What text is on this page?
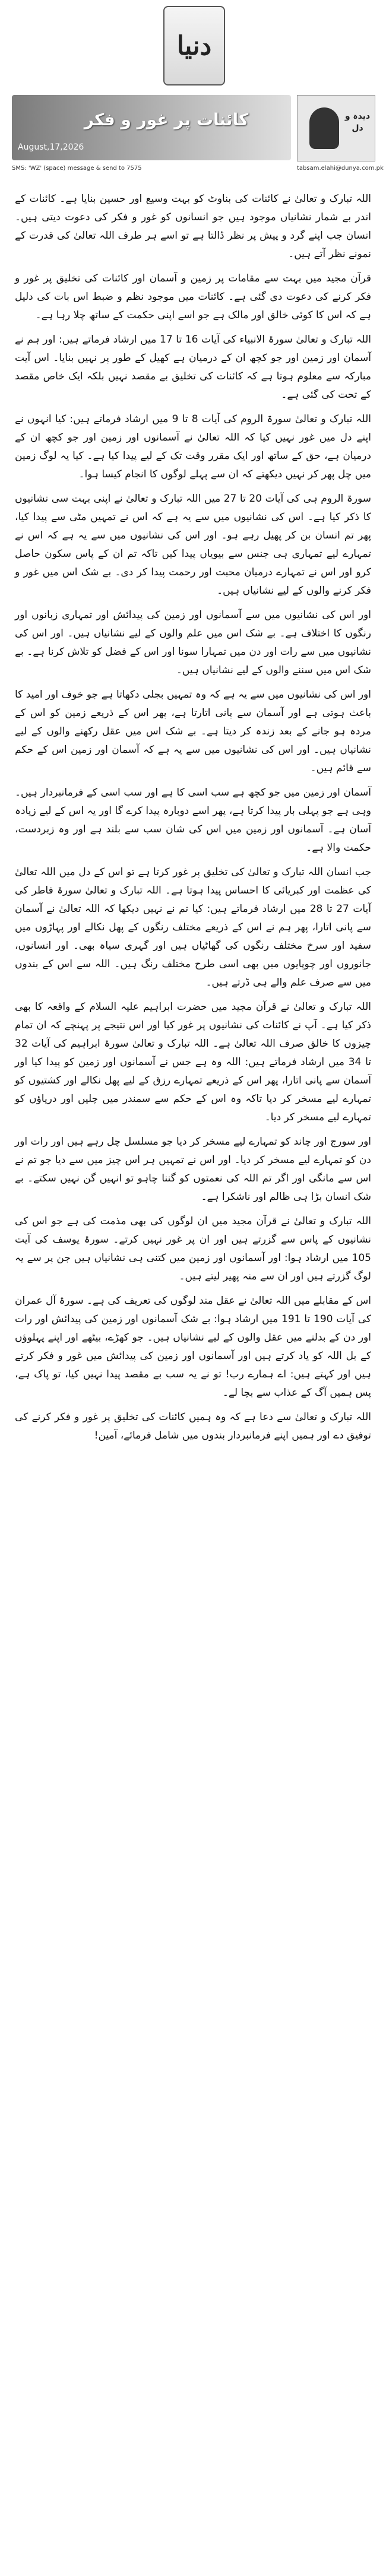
دنیا
کائنات پر غور و فکر
August,17,2026
دیدہ و دل
SMS: 'WZ' (space) message & send to 7575	tabsam.elahi@dunya.com.pk

اللہ تبارک و تعالیٰ نے کائنات کی بناوٹ کو بہت وسیع اور حسین بنایا ہے۔ کائنات کے اندر بے شمار نشانیاں موجود ہیں جو انسانوں کو غور و فکر کی دعوت دیتی ہیں۔ انسان جب اپنے گرد و پیش پر نظر ڈالتا ہے تو اسے ہر طرف اللہ تعالیٰ کی قدرت کے نمونے نظر آتے ہیں۔

قرآن مجید میں بہت سے مقامات پر زمین و آسمان اور کائنات کی تخلیق پر غور و فکر کرنے کی دعوت دی گئی ہے۔ کائنات میں موجود نظم و ضبط اس بات کی دلیل ہے کہ اس کا کوئی خالق اور مالک ہے جو اسے اپنی حکمت کے ساتھ چلا رہا ہے۔

اللہ تبارک و تعالیٰ سورۃ الانبیاء کی آیات 16 تا 17 میں ارشاد فرماتے ہیں: اور ہم نے آسمان اور زمین اور جو کچھ ان کے درمیان ہے کھیل کے طور پر نہیں بنایا۔ اس آیت مبارکہ سے معلوم ہوتا ہے کہ کائنات کی تخلیق بے مقصد نہیں بلکہ ایک خاص مقصد کے تحت کی گئی ہے۔

اللہ تبارک و تعالیٰ سورۃ الروم کی آیات 8 تا 9 میں ارشاد فرماتے ہیں: کیا انہوں نے اپنے دل میں غور نہیں کیا کہ اللہ تعالیٰ نے آسمانوں اور زمین اور جو کچھ ان کے درمیان ہے، حق کے ساتھ اور ایک مقرر وقت تک کے لیے پیدا کیا ہے۔ کیا یہ لوگ زمین میں چل پھر کر نہیں دیکھتے کہ ان سے پہلے لوگوں کا انجام کیسا ہوا۔

سورۃ الروم ہی کی آیات 20 تا 27 میں اللہ تبارک و تعالیٰ نے اپنی بہت سی نشانیوں کا ذکر کیا ہے۔ اس کی نشانیوں میں سے یہ ہے کہ اس نے تمہیں مٹی سے پیدا کیا، پھر تم انسان بن کر پھیل رہے ہو۔ اور اس کی نشانیوں میں سے یہ ہے کہ اس نے تمہارے لیے تمہاری ہی جنس سے بیویاں پیدا کیں تاکہ تم ان کے پاس سکون حاصل کرو اور اس نے تمہارے درمیان محبت اور رحمت پیدا کر دی۔ بے شک اس میں غور و فکر کرنے والوں کے لیے نشانیاں ہیں۔

اور اس کی نشانیوں میں سے آسمانوں اور زمین کی پیدائش اور تمہاری زبانوں اور رنگوں کا اختلاف ہے۔ بے شک اس میں علم والوں کے لیے نشانیاں ہیں۔ اور اس کی نشانیوں میں سے رات اور دن میں تمہارا سونا اور اس کے فضل کو تلاش کرنا ہے۔ بے شک اس میں سننے والوں کے لیے نشانیاں ہیں۔

اور اس کی نشانیوں میں سے یہ ہے کہ وہ تمہیں بجلی دکھاتا ہے جو خوف اور امید کا باعث ہوتی ہے اور آسمان سے پانی اتارتا ہے، پھر اس کے ذریعے زمین کو اس کے مردہ ہو جانے کے بعد زندہ کر دیتا ہے۔ بے شک اس میں عقل رکھنے والوں کے لیے نشانیاں ہیں۔ اور اس کی نشانیوں میں سے یہ ہے کہ آسمان اور زمین اس کے حکم سے قائم ہیں۔

آسمان اور زمین میں جو کچھ ہے سب اسی کا ہے اور سب اسی کے فرمانبردار ہیں۔ وہی ہے جو پہلی بار پیدا کرتا ہے، پھر اسے دوبارہ پیدا کرے گا اور یہ اس کے لیے زیادہ آسان ہے۔ آسمانوں اور زمین میں اس کی شان سب سے بلند ہے اور وہ زبردست، حکمت والا ہے۔

جب انسان اللہ تبارک و تعالیٰ کی تخلیق پر غور کرتا ہے تو اس کے دل میں اللہ تعالیٰ کی عظمت اور کبریائی کا احساس پیدا ہوتا ہے۔ اللہ تبارک و تعالیٰ سورۃ فاطر کی آیات 27 تا 28 میں ارشاد فرماتے ہیں: کیا تم نے نہیں دیکھا کہ اللہ تعالیٰ نے آسمان سے پانی اتارا، پھر ہم نے اس کے ذریعے مختلف رنگوں کے پھل نکالے اور پہاڑوں میں سفید اور سرخ مختلف رنگوں کی گھاٹیاں ہیں اور گہری سیاہ بھی۔ اور انسانوں، جانوروں اور چوپایوں میں بھی اسی طرح مختلف رنگ ہیں۔ اللہ سے اس کے بندوں میں سے صرف علم والے ہی ڈرتے ہیں۔

اللہ تبارک و تعالیٰ نے قرآن مجید میں حضرت ابراہیم علیہ السلام کے واقعہ کا بھی ذکر کیا ہے۔ آپ نے کائنات کی نشانیوں پر غور کیا اور اس نتیجے پر پہنچے کہ ان تمام چیزوں کا خالق صرف اللہ تعالیٰ ہے۔ اللہ تبارک و تعالیٰ سورۃ ابراہیم کی آیات 32 تا 34 میں ارشاد فرماتے ہیں: اللہ وہ ہے جس نے آسمانوں اور زمین کو پیدا کیا اور آسمان سے پانی اتارا، پھر اس کے ذریعے تمہارے رزق کے لیے پھل نکالے اور کشتیوں کو تمہارے لیے مسخر کر دیا تاکہ وہ اس کے حکم سے سمندر میں چلیں اور دریاؤں کو تمہارے لیے مسخر کر دیا۔

اور سورج اور چاند کو تمہارے لیے مسخر کر دیا جو مسلسل چل رہے ہیں اور رات اور دن کو تمہارے لیے مسخر کر دیا۔ اور اس نے تمہیں ہر اس چیز میں سے دیا جو تم نے اس سے مانگی اور اگر تم اللہ کی نعمتوں کو گننا چاہو تو انہیں گن نہیں سکتے۔ بے شک انسان بڑا ہی ظالم اور ناشکرا ہے۔

اللہ تبارک و تعالیٰ نے قرآن مجید میں ان لوگوں کی بھی مذمت کی ہے جو اس کی نشانیوں کے پاس سے گزرتے ہیں اور ان پر غور نہیں کرتے۔ سورۃ یوسف کی آیت 105 میں ارشاد ہوا: اور آسمانوں اور زمین میں کتنی ہی نشانیاں ہیں جن پر سے یہ لوگ گزرتے ہیں اور ان سے منہ پھیر لیتے ہیں۔

اس کے مقابلے میں اللہ تعالیٰ نے عقل مند لوگوں کی تعریف کی ہے۔ سورۃ آل عمران کی آیات 190 تا 191 میں ارشاد ہوا: بے شک آسمانوں اور زمین کی پیدائش اور رات اور دن کے بدلنے میں عقل والوں کے لیے نشانیاں ہیں۔ جو کھڑے، بیٹھے اور اپنے پہلوؤں کے بل اللہ کو یاد کرتے ہیں اور آسمانوں اور زمین کی پیدائش میں غور و فکر کرتے ہیں اور کہتے ہیں: اے ہمارے رب! تو نے یہ سب بے مقصد پیدا نہیں کیا، تو پاک ہے، پس ہمیں آگ کے عذاب سے بچا لے۔

اللہ تبارک و تعالیٰ سے دعا ہے کہ وہ ہمیں کائنات کی تخلیق پر غور و فکر کرنے کی توفیق دے اور ہمیں اپنے فرمانبردار بندوں میں شامل فرمائے، آمین!
